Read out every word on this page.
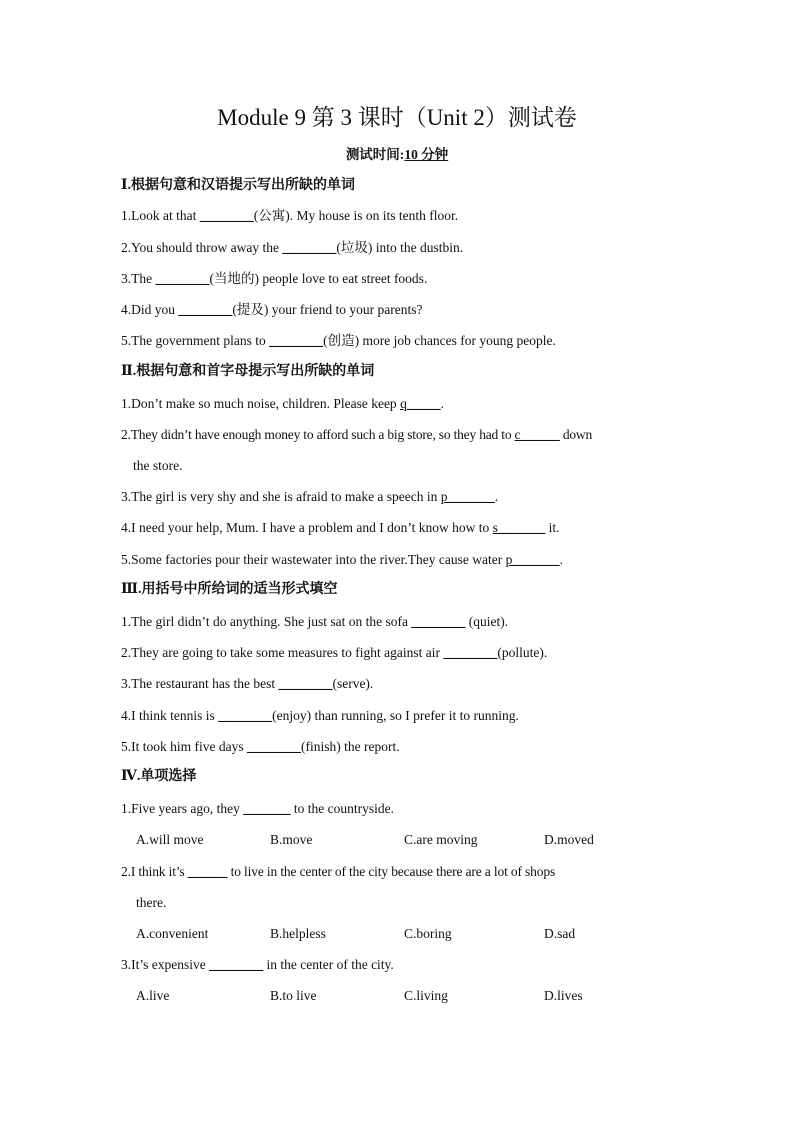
Module 9 第 3 课时（Unit 2）测试卷
测试时间:10 分钟
Ⅰ.根据句意和汉语提示写出所缺的单词
1.Look at that ________(公寓). My house is on its tenth floor.
2.You should throw away the ________(垃圾) into the dustbin.
3.The ________(当地的) people love to eat street foods.
4.Did you ________(提及) your friend to your parents?
5.The government plans to ________(创造) more job chances for young people.
Ⅱ.根据句意和首字母提示写出所缺的单词
1.Don’t make so much noise, children. Please keep q_____.
2.They didn’t have enough money to afford such a big store, so they had to c______ down
the store.
3.The girl is very shy and she is afraid to make a speech in p_______.
4.I need your help, Mum. I have a problem and I don’t know how to s_______ it.
5.Some factories pour their wastewater into the river.They cause water p_______.
Ⅲ.用括号中所给词的适当形式填空
1.The girl didn’t do anything. She just sat on the sofa ________ (quiet).
2.They are going to take some measures to fight against air ________(pollute).
3.The restaurant has the best ________(serve).
4.I think tennis is ________(enjoy) than running, so I prefer it to running.
5.It took him five days ________(finish) the report.
Ⅳ.单项选择
1.Five years ago, they _______ to the countryside.
A.will move	B.move	C.are moving	D.moved
2.I think it’s ______ to live in the center of the city because there are a lot of shops
there.
A.convenient	B.helpless	C.boring	D.sad
3.It’s expensive ________ in the center of the city.
A.live	B.to live	C.living	D.lives
